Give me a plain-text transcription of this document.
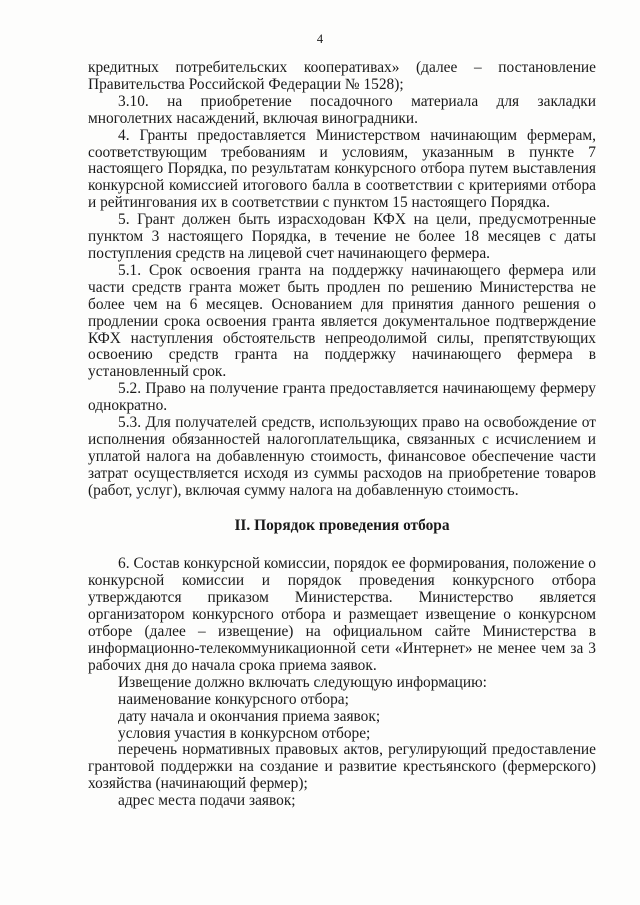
4

кредитных потребительских кооперативах» (далее – постановление Правительства Российской Федерации № 1528);

3.10. на приобретение посадочного материала для закладки многолетних насаждений, включая виноградники.

4. Гранты предоставляется Министерством начинающим фермерам, соответствующим требованиям и условиям, указанным в пункте 7 настоящего Порядка, по результатам конкурсного отбора путем выставления конкурсной комиссией итогового балла в соответствии с критериями отбора и рейтингования их в соответствии с пунктом 15 настоящего Порядка.

5. Грант должен быть израсходован КФХ на цели, предусмотренные пунктом 3 настоящего Порядка, в течение не более 18 месяцев с даты поступления средств на лицевой счет начинающего фермера.

5.1. Срок освоения гранта на поддержку начинающего фермера или части средств гранта может быть продлен по решению Министерства не более чем на 6 месяцев. Основанием для принятия данного решения о продлении срока освоения гранта является документальное подтверждение КФХ наступления обстоятельств непреодолимой силы, препятствующих освоению средств гранта на поддержку начинающего фермера в установленный срок.

5.2. Право на получение гранта предоставляется начинающему фермеру однократно.

5.3. Для получателей средств, использующих право на освобождение от исполнения обязанностей налогоплательщика, связанных с исчислением и уплатой налога на добавленную стоимость, финансовое обеспечение части затрат осуществляется исходя из суммы расходов на приобретение товаров (работ, услуг), включая сумму налога на добавленную стоимость.

II. Порядок проведения отбора

6. Состав конкурсной комиссии, порядок ее формирования, положение о конкурсной комиссии и порядок проведения конкурсного отбора утверждаются приказом Министерства. Министерство является организатором конкурсного отбора и размещает извещение о конкурсном отборе (далее – извещение) на официальном сайте Министерства в информационно-телекоммуникационной сети «Интернет» не менее чем за 3 рабочих дня до начала срока приема заявок.

Извещение должно включать следующую информацию:

наименование конкурсного отбора;

дату начала и окончания приема заявок;

условия участия в конкурсном отборе;

перечень нормативных правовых актов, регулирующий предоставление грантовой поддержки на создание и развитие крестьянского (фермерского) хозяйства (начинающий фермер);

адрес места подачи заявок;
